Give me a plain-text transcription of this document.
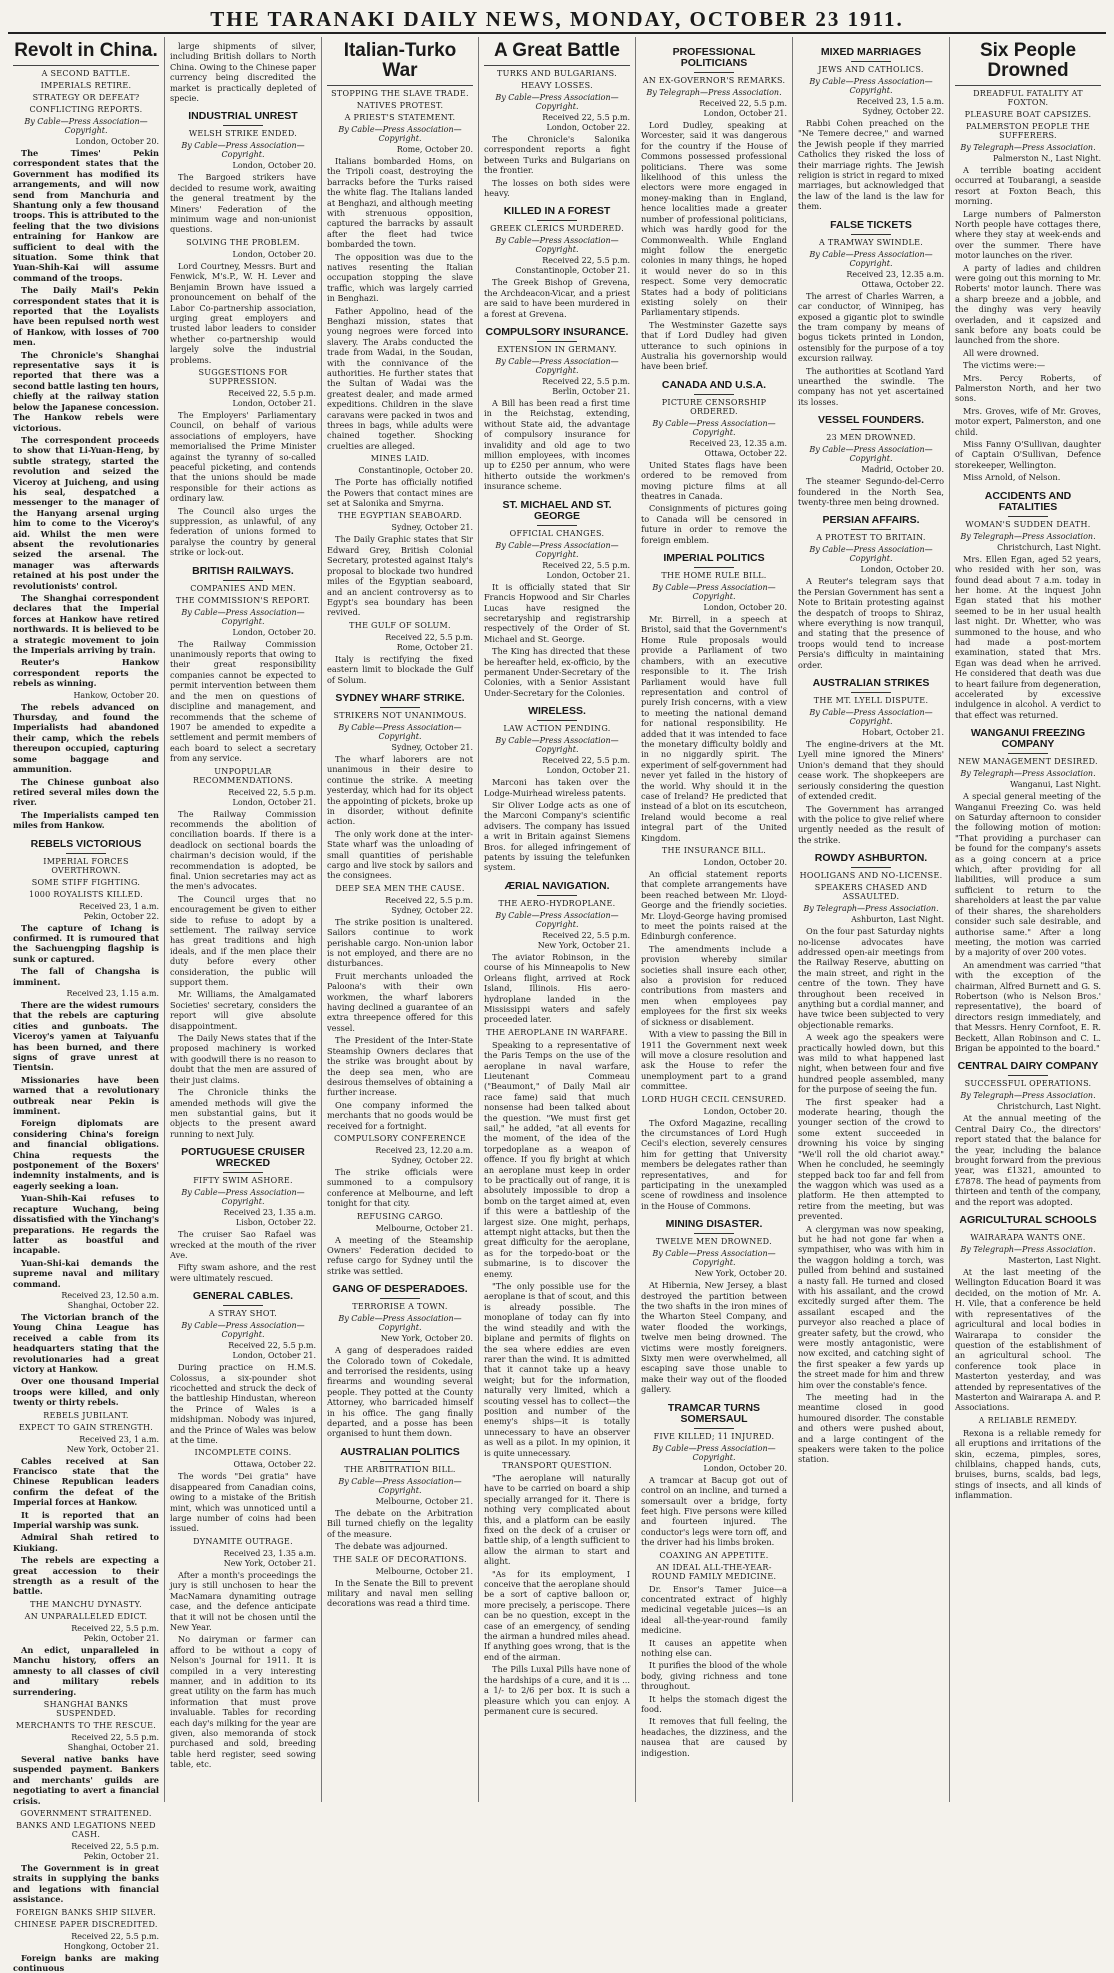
THE TARANAKI DAILY NEWS, MONDAY, OCTOBER 23 1911.
Revolt in China.
A SECOND BATTLE.
IMPERIALS RETIRE.
STRATEGY OR DEFEAT?
CONFLICTING REPORTS.
By Cable—Press Association—Copyright.
London, October 20.
The Times' Pekin correspondent states that the Government has modified its arrangements, and will now send from Manchuria and Shantung only a few thousand troops. This is attributed to the feeling that the two divisions entraining for Hankow are sufficient to deal with the situation. Some think that Yuan-Shih-Kai will assume command of the troops.
The Daily Mail's Pekin correspondent states that it is reported that the Loyalists have been repulsed north west of Hankow, with losses of 700 men.
The Chronicle's Shanghai representative says it is reported that there was a second battle lasting ten hours, chiefly at the railway station below the Japanese concession. The Hankow rebels were victorious.
The correspondent proceeds to show that Li-Yuan-Heng, by subtle strategy, started the revolution and seized the Viceroy at Juicheng, and using his seal, despatched a messenger to the manager of the Hanyang arsenal urging him to come to the Viceroy's aid. Whilst the men were absent the revolutionaries seized the arsenal. The manager was afterwards retained at his post under the revolutionists' control.
The Shanghai correspondent declares that the Imperial forces at Hankow have retired northwards. It is believed to be a strategic movement to join the Imperials arriving by train.
Reuter's Hankow correspondent reports the rebels as winning.
Hankow, October 20.
The rebels advanced on Thursday, and found the Imperialists had abandoned their camp, which the rebels thereupon occupied, capturing some baggage and ammunition.
The Chinese gunboat also retired several miles down the river.
The Imperialists camped ten miles from Hankow.
REBELS VICTORIOUS
IMPERIAL FORCES OVERTHROWN.
SOME STIFF FIGHTING.
1000 ROYALISTS KILLED.
Received 23, 1 a.m.
Pekin, October 22.
The capture of Ichang is confirmed. It is rumoured that the Sachuengping flagship is sunk or captured.
The fall of Changsha is imminent.
Received 23, 1.15 a.m.
There are the widest rumours that the rebels are capturing cities and gunboats. The Viceroy's yamen at Taiyuanfu has been burned, and there signs of grave unrest at Tientsin.
Missionaries have been warned that a revolutionary outbreak near Pekin is imminent.
Foreign diplomats are considering China's foreign and financial obligations. China requests the postponement of the Boxers' indemnity instalments, and is eagerly seeking a loan.
Yuan-Shih-Kai refuses to recapture Wuchang, being dissatisfied with the Yinchang's preparations. He regards the latter as boastful and incapable.
Yuan-Shi-kai demands the supreme naval and military command.
Received 23, 12.50 a.m.
Shanghai, October 22.
The Victorian branch of the Young China League has received a cable from its headquarters stating that the revolutionaries had a great victory at Hankow.
Over one thousand Imperial troops were killed, and only twenty or thirty rebels.
REBELS JUBILANT.
EXPECT TO GAIN STRENGTH.
Received 23, 1 a.m.
New York, October 21.
Cables received at San Francisco state that the Chinese Republican leaders confirm the defeat of the Imperial forces at Hankow.
It is reported that an Imperial warship was sunk.
Admiral Shah retired to Kiukiang.
The rebels are expecting a great accession to their strength as a result of the battle.
THE MANCHU DYNASTY.
AN UNPARALLELED EDICT.
Received 22, 5.5 p.m.
Pekin, October 21.
An edict, unparalleled in Manchu history, offers an amnesty to all classes of civil and military rebels surrendering.
SHANGHAI BANKS SUSPENDED.
MERCHANTS TO THE RESCUE.
Received 22, 5.5 p.m.
Shanghai, October 21.
Several native banks have suspended payment. Bankers and merchants' guilds are negotiating to avert a financial crisis.
GOVERNMENT STRAITENED.
BANKS AND LEGATIONS NEED CASH.
Received 22, 5.5 p.m.
Pekin, October 21.
The Government is in great straits in supplying the banks and legations with financial assistance.
FOREIGN BANKS SHIP SILVER.
CHINESE PAPER DISCREDITED.
Received 22, 5.5 p.m.
Hongkong, October 21.
Foreign banks are making continuous
large shipments of silver, including British dollars to North China. Owing to the Chinese paper currency being discredited the market is practically depleted of specie.
INDUSTRIAL UNREST
WELSH STRIKE ENDED.
By Cable—Press Association—Copyright.
London, October 20.
The Bargoed strikers have decided to resume work, awaiting the general treatment by the Miners' Federation of the minimum wage and non-unionist questions.
SOLVING THE PROBLEM.
London, October 20.
Lord Courtney, Messrs. Burt and Fenwick, M's.P., W. H. Lever and Benjamin Brown have issued a pronouncement on behalf of the Labor Co-partnership association, urging great employers and trusted labor leaders to consider whether co-partnership would largely solve the industrial problems.
SUGGESTIONS FOR SUPPRESSION.
Received 22, 5.5 p.m.
London, October 21.
The Employers' Parliamentary Council, on behalf of various associations of employers, have memorialised the Prime Minister against the tyranny of so-called peaceful picketing, and contends that the unions should be made responsible for their actions as ordinary law.
The Council also urges the suppression, as unlawful, of any federation of unions formed to paralyse the country by general strike or lock-out.
BRITISH RAILWAYS.
COMPANIES AND MEN.
THE COMMISSION'S REPORT.
By Cable—Press Association—Copyright.
London, October 20.
The Railway Commission unanimously reports that owing to their great responsibility companies cannot be expected to permit intervention between them and the men on questions of discipline and management, and recommends that the scheme of 1907 be amended to expedite a settlement and permit members of each board to select a secretary from any service.
UNPOPULAR RECOMMENDATIONS.
Received 22, 5.5 p.m.
London, October 21.
The Railway Commission recommends the abolition of conciliation boards. If there is a deadlock on sectional boards the chairman's decision would, if the recommendation is adopted, be final. Union secretaries may act as the men's advocates.
The Council urges that no encouragement be given to either side to refuse to adopt by a settlement. The railway service has great traditions and high ideals, and if the men place their duty before every other consideration, the public will support them.
Mr. Williams, the Amalgamated Societies' secretary, considers the report will give absolute disappointment.
The Daily News states that if the proposed machinery is worked with goodwill there is no reason to doubt that the men are assured of their just claims.
The Chronicle thinks the amended methods will give the men substantial gains, but it objects to the present award running to next July.
PORTUGUESE CRUISER WRECKED
FIFTY SWIM ASHORE.
By Cable—Press Association—Copyright.
Received 23, 1.35 a.m.
Lisbon, October 22.
The cruiser Sao Rafael was wrecked at the mouth of the river Ave.
Fifty swam ashore, and the rest were ultimately rescued.
GENERAL CABLES.
A STRAY SHOT.
By Cable—Press Association—Copyright.
Received 22, 5.5 p.m.
London, October 21.
During practice on H.M.S. Colossus, a six-pounder shot ricochetted and struck the deck of the battleship Hindustan, whereon the Prince of Wales is a midshipman. Nobody was injured, and the Prince of Wales was below at the time.
INCOMPLETE COINS.
Ottawa, October 22.
The words "Dei gratia" have disappeared from Canadian coins, owing to a mistake of the British mint, which was unnoticed until a large number of coins had been issued.
DYNAMITE OUTRAGE.
Received 23, 1.35 a.m.
New York, October 21.
After a month's proceedings the jury is still unchosen to hear the MacNamara dynamiting outrage case, and the defence anticipate that it will not be chosen until the New Year.
No dairyman or farmer can afford to be without a copy of Nelson's Journal for 1911. It is compiled in a very interesting manner, and in addition to its great utility on the farm has much information that must prove invaluable. Tables for recording each day's milking for the year are given, also memoranda of stock purchased and sold, breeding table herd register, seed sowing table, etc.
Italian-Turko War
STOPPING THE SLAVE TRADE.
NATIVES PROTEST.
A PRIEST'S STATEMENT.
By Cable—Press Association—Copyright.
Rome, October 20.
Italians bombarded Homs, on the Tripoli coast, destroying the barracks before the Turks raised the white flag. The Italians landed at Benghazi, and although meeting with strenuous opposition, captured the barracks by assault after the fleet had twice bombarded the town.
The opposition was due to the natives resenting the Italian occupation stopping the slave traffic, which was largely carried in Benghazi.
Father Appolino, head of the Benghazi mission, states that young negroes were forced into slavery. The Arabs conducted the trade from Wadai, in the Soudan, with the connivance of the authorities. He further states that the Sultan of Wadai was the greatest dealer, and made armed expeditions. Children in the slave caravans were packed in twos and threes in bags, while adults were chained together. Shocking cruelties are alleged.
MINES LAID.
Constantinople, October 20.
The Porte has officially notified the Powers that contact mines are set at Salonika and Smyrna.
THE EGYPTIAN SEABOARD.
Sydney, October 21.
The Daily Graphic states that Sir Edward Grey, British Colonial Secretary, protested against Italy's proposal to blockade two hundred miles of the Egyptian seaboard, and an ancient controversy as to Egypt's sea boundary has been revived.
THE GULF OF SOLUM.
Received 22, 5.5 p.m.
Rome, October 21.
Italy is rectifying the fixed eastern limit to blockade the Gulf of Solum.
SYDNEY WHARF STRIKE.
STRIKERS NOT UNANIMOUS.
By Cable—Press Association—Copyright.
Sydney, October 21.
The wharf laborers are not unanimous in their desire to continue the strike. A meeting yesterday, which had for its object the appointing of pickets, broke up in disorder, without definite action.
The only work done at the inter-State wharf was the unloading of small quantities of perishable cargo and live stock by sailors and the consignees.
DEEP SEA MEN THE CAUSE.
Received 22, 5.5 p.m.
Sydney, October 22.
The strike position is unaltered. Sailors continue to work perishable cargo. Non-union labor is not employed, and there are no disturbances.
Fruit merchants unloaded the Paloona's with their own workmen, the wharf laborers having declined a guarantee of an extra threepence offered for this vessel.
The President of the Inter-State Steamship Owners declares that the strike was brought about by the deep sea men, who are desirous themselves of obtaining a further increase.
One company informed the merchants that no goods would be received for a fortnight.
COMPULSORY CONFERENCE
Received 23, 12.20 a.m.
Sydney, October 22.
The strike officials were summoned to a compulsory conference at Melbourne, and left tonight for that city.
REFUSING CARGO.
Melbourne, October 21.
A meeting of the Steamship Owners' Federation decided to refuse cargo for Sydney until the strike was settled.
GANG OF DESPERADOES.
TERRORISE A TOWN.
By Cable—Press Association—Copyright.
New York, October 20.
A gang of desperadoes raided the Colorado town of Cokedale, and terrorised the residents, using firearms and wounding several people. They potted at the County Attorney, who barricaded himself in his office. The gang finally departed, and a posse has been organised to hunt them down.
AUSTRALIAN POLITICS
THE ARBITRATION BILL.
By Cable—Press Association—Copyright.
Melbourne, October 21.
The debate on the Arbitration Bill turned chiefly on the legality of the measure.
The debate was adjourned.
THE SALE OF DECORATIONS.
Melbourne, October 21.
In the Senate the Bill to prevent military and naval men selling decorations was read a third time.
A Great Battle
TURKS AND BULGARIANS.
HEAVY LOSSES.
By Cable—Press Association—Copyright.
Received 22, 5.5 p.m.
London, October 22.
The Chronicle's Salonika correspondent reports a fight between Turks and Bulgarians on the frontier.
The losses on both sides were heavy.
KILLED IN A FOREST
GREEK CLERICS MURDERED.
By Cable—Press Association—Copyright.
Received 22, 5.5 p.m.
Constantinople, October 21.
The Greek Bishop of Grevena, the Archdeacon-Vicar, and a priest are said to have been murdered in a forest at Grevena.
COMPULSORY INSURANCE.
EXTENSION IN GERMANY.
By Cable—Press Association—Copyright.
Received 22, 5.5 p.m.
Berlin, October 21.
A Bill has been read a first time in the Reichstag, extending, without State aid, the advantage of compulsory insurance for invalidity and old age to two million employees, with incomes up to £250 per annum, who were hitherto outside the workmen's insurance scheme.
ST. MICHAEL AND ST. GEORGE
OFFICIAL CHANGES.
By Cable—Press Association—Copyright.
Received 22, 5.5 p.m.
London, October 21.
It is officially stated that Sir Francis Hopwood and Sir Charles Lucas have resigned the secretaryship and registrarship respectively of the Order of St. Michael and St. George.
The King has directed that these be hereafter held, ex-officio, by the permanent Under-Secretary of the Colonies, with a Senior Assistant Under-Secretary for the Colonies.
WIRELESS.
LAW ACTION PENDING.
By Cable—Press Association—Copyright.
Received 22, 5.5 p.m.
London, October 21.
Marconi has taken over the Lodge-Muirhead wireless patents.
Sir Oliver Lodge acts as one of the Marconi Company's scientific advisers. The company has issued a writ in Britain against Siemens Bros. for alleged infringement of patents by issuing the telefunken system.
ÆRIAL NAVIGATION.
THE AERO-HYDROPLANE.
By Cable—Press Association—Copyright.
Received 22, 5.5 p.m.
New York, October 21.
The aviator Robinson, in the course of his Minneapolis to New Orleans flight, arrived at Rock Island, Illinois. His aero-hydroplane landed in the Mississippi waters and safely proceeded later.
THE AEROPLANE IN WARFARE.
Speaking to a representative of the Paris Temps on the use of the aeroplane in naval warfare, Lieutenant Commeau ("Beaumont," of Daily Mail air race fame) said that much nonsense had been talked about the question. "We must first get sail," he added, "at all events for the moment, of the idea of the torpedoplane as a weapon of offence. If you fly bright at which an aeroplane must keep in order to be practically out of range, it is absolutely impossible to drop a bomb on the target aimed at, even if this were a battleship of the largest size. One might, perhaps, attempt night attacks, but then the great difficulty for the aeroplane, as for the torpedo-boat or the submarine, is to discover the enemy.
"The only possible use for the aeroplane is that of scout, and this is already possible. The monoplane of today can fly into the wind steadily and with the biplane and permits of flights on the sea where eddies are even rarer than the wind. It is admitted that it cannot take up a heavy weight; but for the information, naturally very limited, which a scouting vessel has to collect—the position and number of the enemy's ships—it is totally unnecessary to have an observer as well as a pilot. In my opinion, it is quite unnecessary.
TRANSPORT QUESTION.
"The aeroplane will naturally have to be carried on board a ship specially arranged for it. There is nothing very complicated about this, and a platform can be easily fixed on the deck of a cruiser or battle ship, of a length sufficient to allow the airman to start and alight.
"As for its employment, I conceive that the aeroplane should be a sort of captive balloon or, more precisely, a periscope. There can be no question, except in the case of an emergency, of sending the airman a hundred miles ahead. If anything goes wrong, that is the end of the airman.
The Pills Luxal Pills have none of the hardships of a cure, and it is ... a 1/- to 2/6 per box. It is such a pleasure which you can enjoy. A permanent cure is secured.
PROFESSIONAL POLITICIANS
AN EX-GOVERNOR'S REMARKS.
By Telegraph—Press Association.
Received 22, 5.5 p.m.
London, October 21.
Lord Dudley, speaking at Worcester, said it was dangerous for the country if the House of Commons possessed professional politicians. There was some likelihood of this unless the electors were more engaged in money-making than in England, hence localities made a greater number of professional politicians, which was hardly good for the Commonwealth. While England might follow the energetic colonies in many things, he hoped it would never do so in this respect. Some very democratic States had a body of politicians existing solely on their Parliamentary stipends.
The Westminster Gazette says that if Lord Dudley had given utterance to such opinions in Australia his governorship would have been brief.
CANADA AND U.S.A.
PICTURE CENSORSHIP ORDERED.
By Cable—Press Association—Copyright.
Received 23, 12.35 a.m.
Ottawa, October 22.
United States flags have been ordered to be removed from moving picture films at all theatres in Canada.
Consignments of pictures going to Canada will be censored in future in order to remove the foreign emblem.
IMPERIAL POLITICS
THE HOME RULE BILL.
By Cable—Press Association—Copyright.
London, October 20.
Mr. Birrell, in a speech at Bristol, said that the Government's Home Rule proposals would provide a Parliament of two chambers, with an executive responsible to it. The Irish Parliament would have full representation and control of purely Irish concerns, with a view to meeting the national demand for national responsibility. He added that it was intended to face the monetary difficulty boldly and in no niggardly spirit. The experiment of self-government had never yet failed in the history of the world. Why should it in the case of Ireland? He predicted that instead of a blot on its escutcheon, Ireland would become a real integral part of the United Kingdom.
THE INSURANCE BILL.
London, October 20.
An official statement reports that complete arrangements have been reached between Mr. Lloyd-George and the friendly societies. Mr. Lloyd-George having promised to meet the points raised at the Edinburgh conference.
The amendments include a provision whereby similar societies shall insure each other, also a provision for reduced contributions from masters and men when employees pay employees for the first six weeks of sickness or disablement.
With a view to passing the Bill in 1911 the Government next week will move a closure resolution and ask the House to refer the unemployment part to a grand committee.
LORD HUGH CECIL CENSURED.
London, October 20.
The Oxford Magazine, recalling the circumstances of Lord Hugh Cecil's election, severely censures him for getting that University members be delegates rather than representatives, and for participating in the unexampled scene of rowdiness and insolence in the House of Commons.
MINING DISASTER.
TWELVE MEN DROWNED.
By Cable—Press Association—Copyright.
New York, October 20.
At Hibernia, New Jersey, a blast destroyed the partition between the two shafts in the iron mines of the Wharton Steel Company, and water flooded the workings, twelve men being drowned. The victims were mostly foreigners. Sixty men were overwhelmed, all escaping save those unable to make their way out of the flooded gallery.
TRAMCAR TURNS SOMERSAUL
FIVE KILLED; 11 INJURED.
By Cable—Press Association—Copyright.
London, October 20.
A tramcar at Bacup got out of control on an incline, and turned a somersault over a bridge, forty feet high. Five persons were killed and fourteen injured. The conductor's legs were torn off, and the driver had his limbs broken.
COAXING AN APPETITE.
AN IDEAL ALL-THE-YEAR-ROUND FAMILY MEDICINE.
Dr. Ensor's Tamer Juice—a concentrated extract of highly medicinal vegetable juices—is an ideal all-the-year-round family medicine.
It causes an appetite when nothing else can.
It purifies the blood of the whole body, giving richness and tone throughout.
It helps the stomach digest the food.
It removes that full feeling, the headaches, the dizziness, and the nausea that are caused by indigestion.
MIXED MARRIAGES
JEWS AND CATHOLICS.
By Cable—Press Association—Copyright.
Received 23, 1.5 a.m.
Sydney, October 22.
Rabbi Cohen preached on the "Ne Temere decree," and warned the Jewish people if they married Catholics they risked the loss of their marriage rights. The Jewish religion is strict in regard to mixed marriages, but acknowledged that the law of the land is the law for them.
FALSE TICKETS
A TRAMWAY SWINDLE.
By Cable—Press Association—Copyright.
Received 23, 12.35 a.m.
Ottawa, October 22.
The arrest of Charles Warren, a car conductor, of Winnipeg, has exposed a gigantic plot to swindle the tram company by means of bogus tickets printed in London, ostensibly for the purpose of a toy excursion railway.
The authorities at Scotland Yard unearthed the swindle. The company has not yet ascertained its losses.
VESSEL FOUNDERS.
23 MEN DROWNED.
By Cable—Press Association—Copyright.
Madrid, October 20.
The steamer Segundo-del-Cerro foundered in the North Sea, twenty-three men being drowned.
PERSIAN AFFAIRS.
A PROTEST TO BRITAIN.
By Cable—Press Association—Copyright.
London, October 20.
A Reuter's telegram says that the Persian Government has sent a Note to Britain protesting against the despatch of troops to Shiraz, where everything is now tranquil, and stating that the presence of troops would tend to increase Persia's difficulty in maintaining order.
AUSTRALIAN STRIKES
THE MT. LYELL DISPUTE.
By Cable—Press Association—Copyright.
Hobart, October 21.
The engine-drivers at the Mt. Lyell mine ignored the Miners' Union's demand that they should cease work. The shopkeepers are seriously considering the question of extended credit.
The Government has arranged with the police to give relief where urgently needed as the result of the strike.
ROWDY ASHBURTON.
HOOLIGANS AND NO-LICENSE.
SPEAKERS CHASED AND ASSAULTED.
By Telegraph—Press Association.
Ashburton, Last Night.
On the four past Saturday nights no-license advocates have addressed open-air meetings from the Railway Reserve, abutting on the main street, and right in the centre of the town. They have throughout been received in anything but a cordial manner, and have twice been subjected to very objectionable remarks.
A week ago the speakers were practically howled down, but this was mild to what happened last night, when between four and five hundred people assembled, many for the purpose of seeing the fun.
The first speaker had a moderate hearing, though the younger section of the crowd to some extent succeeded in drowning his voice by singing "We'll roll the old chariot away." When he concluded, he seemingly stepped back too far and fell from the waggon which was used as a platform. He then attempted to retire from the meeting, but was prevented.
A clergyman was now speaking, but he had not gone far when a sympathiser, who was with him in the waggon holding a torch, was pulled from behind and sustained a nasty fall. He turned and closed with his assailant, and the crowd excitedly surged after them. The assailant escaped and the purveyor also reached a place of greater safety, but the crowd, who were mostly antagonistic, were now excited, and catching sight of the first speaker a few yards up the street made for him and threw him over the constable's fence.
The meeting had in the meantime closed in good humoured disorder. The constable and others were pushed about, and a large contingent of the speakers were taken to the police station.
Six People Drowned
DREADFUL FATALITY AT FOXTON.
PLEASURE BOAT CAPSIZES.
PALMERSTON PEOPLE THE SUFFERERS.
By Telegraph—Press Association.
Palmerston N., Last Night.
A terrible boating accident occurred at Toubarangi, a seaside resort at Foxton Beach, this morning.
Large numbers of Palmerston North people have cottages there, where they stay at week-ends and over the summer. There have motor launches on the river.
A party of ladies and children were going out this morning to Mr. Roberts' motor launch. There was a sharp breeze and a jobble, and the dinghy was very heavily overladen, and it capsized and sank before any boats could be launched from the shore.
All were drowned.
The victims were:—
Mrs. Percy Roberts, of Palmerston North, and her two sons.
Mrs. Groves, wife of Mr. Groves, motor expert, Palmerston, and one child.
Miss Fanny O'Sullivan, daughter of Captain O'Sullivan, Defence storekeeper, Wellington.
Miss Arnold, of Nelson.
ACCIDENTS AND FATALITIES
WOMAN'S SUDDEN DEATH.
By Telegraph—Press Association.
Christchurch, Last Night.
Mrs. Ellen Egan, aged 52 years, who resided with her son, was found dead about 7 a.m. today in her home. At the inquest John Egan stated that his mother seemed to be in her usual health last night. Dr. Whetter, who was summoned to the house, and who had made a post-mortem examination, stated that Mrs. Egan was dead when he arrived. He considered that death was due to heart failure from degeneration, accelerated by excessive indulgence in alcohol. A verdict to that effect was returned.
WANGANUI FREEZING COMPANY
NEW MANAGEMENT DESIRED.
By Telegraph—Press Association.
Wanganui, Last Night.
A special general meeting of the Wanganui Freezing Co. was held on Saturday afternoon to consider the following motion of motion: "That providing a purchaser can be found for the company's assets as a going concern at a price which, after providing for all liabilities, will produce a sum sufficient to return to the shareholders at least the par value of their shares, the shareholders consider such sale desirable, and authorise same." After a long meeting, the motion was carried by a majority of over 200 votes.
An amendment was carried "that with the exception of the chairman, Alfred Burnett and G. S. Robertson (who is Nelson Bros.' representative), the board of directors resign immediately, and that Messrs. Henry Cornfoot, E. R. Beckett, Allan Robinson and C. L. Brigan be appointed to the board."
CENTRAL DAIRY COMPANY
SUCCESSFUL OPERATIONS.
By Telegraph—Press Association.
Christchurch, Last Night.
At the annual meeting of the Central Dairy Co., the directors' report stated that the balance for the year, including the balance brought forward from the previous year, was £1321, amounted to £7878. The head of payments from thirteen and tenth of the company, and the report was adopted.
AGRICULTURAL SCHOOLS
WAIRARAPA WANTS ONE.
By Telegraph—Press Association.
Masterton, Last Night.
At the last meeting of the Wellington Education Board it was decided, on the motion of Mr. A. H. Vile, that a conference be held with representatives of the agricultural and local bodies in Wairarapa to consider the question of the establishment of an agricultural school. The conference took place in Masterton yesterday, and was attended by representatives of the Masterton and Wairarapa A. and P. Associations.
A RELIABLE REMEDY.
Rexona is a reliable remedy for all eruptions and irritations of the skin, eczema, pimples, sores, chilblains, chapped hands, cuts, bruises, burns, scalds, bad legs, stings of insects, and all kinds of inflammation.
